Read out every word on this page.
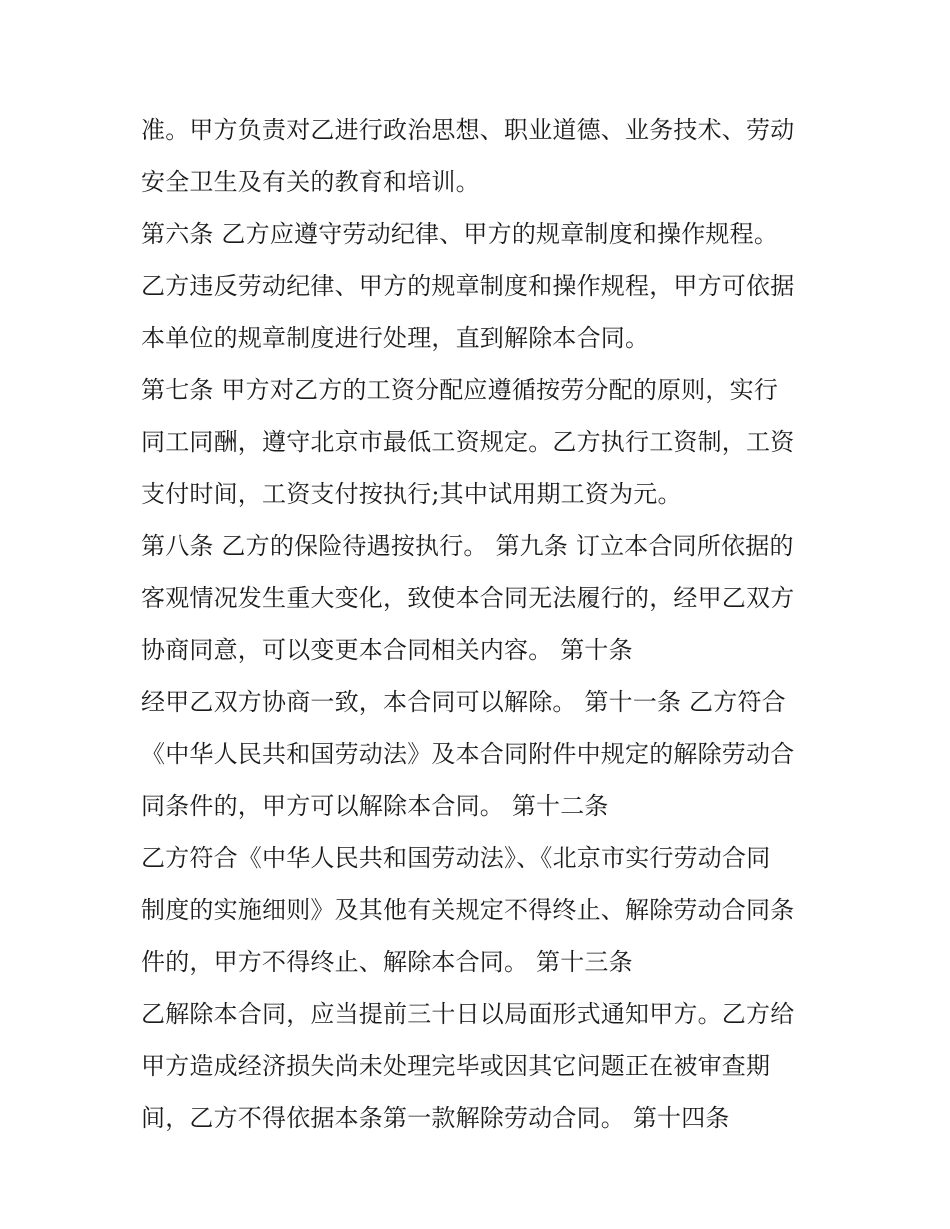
准。甲方负责对乙进行政治思想、职业道德、业务技术、劳动
安全卫生及有关的教育和培训。
第六条 乙方应遵守劳动纪律、甲方的规章制度和操作规程。
乙方违反劳动纪律、甲方的规章制度和操作规程，甲方可依据
本单位的规章制度进行处理，直到解除本合同。
第七条 甲方对乙方的工资分配应遵循按劳分配的原则，实行
同工同酬，遵守北京市最低工资规定。乙方执行工资制，工资
支付时间，工资支付按执行;其中试用期工资为元。
第八条 乙方的保险待遇按执行。 第九条 订立本合同所依据的
客观情况发生重大变化，致使本合同无法履行的，经甲乙双方
协商同意，可以变更本合同相关内容。 第十条
经甲乙双方协商一致，本合同可以解除。 第十一条 乙方符合
《中华人民共和国劳动法》及本合同附件中规定的解除劳动合
同条件的，甲方可以解除本合同。 第十二条
乙方符合《中华人民共和国劳动法》、《北京市实行劳动合同
制度的实施细则》及其他有关规定不得终止、解除劳动合同条
件的，甲方不得终止、解除本合同。 第十三条
乙解除本合同，应当提前三十日以局面形式通知甲方。乙方给
甲方造成经济损失尚未处理完毕或因其它问题正在被审查期
间，乙方不得依据本条第一款解除劳动合同。 第十四条
